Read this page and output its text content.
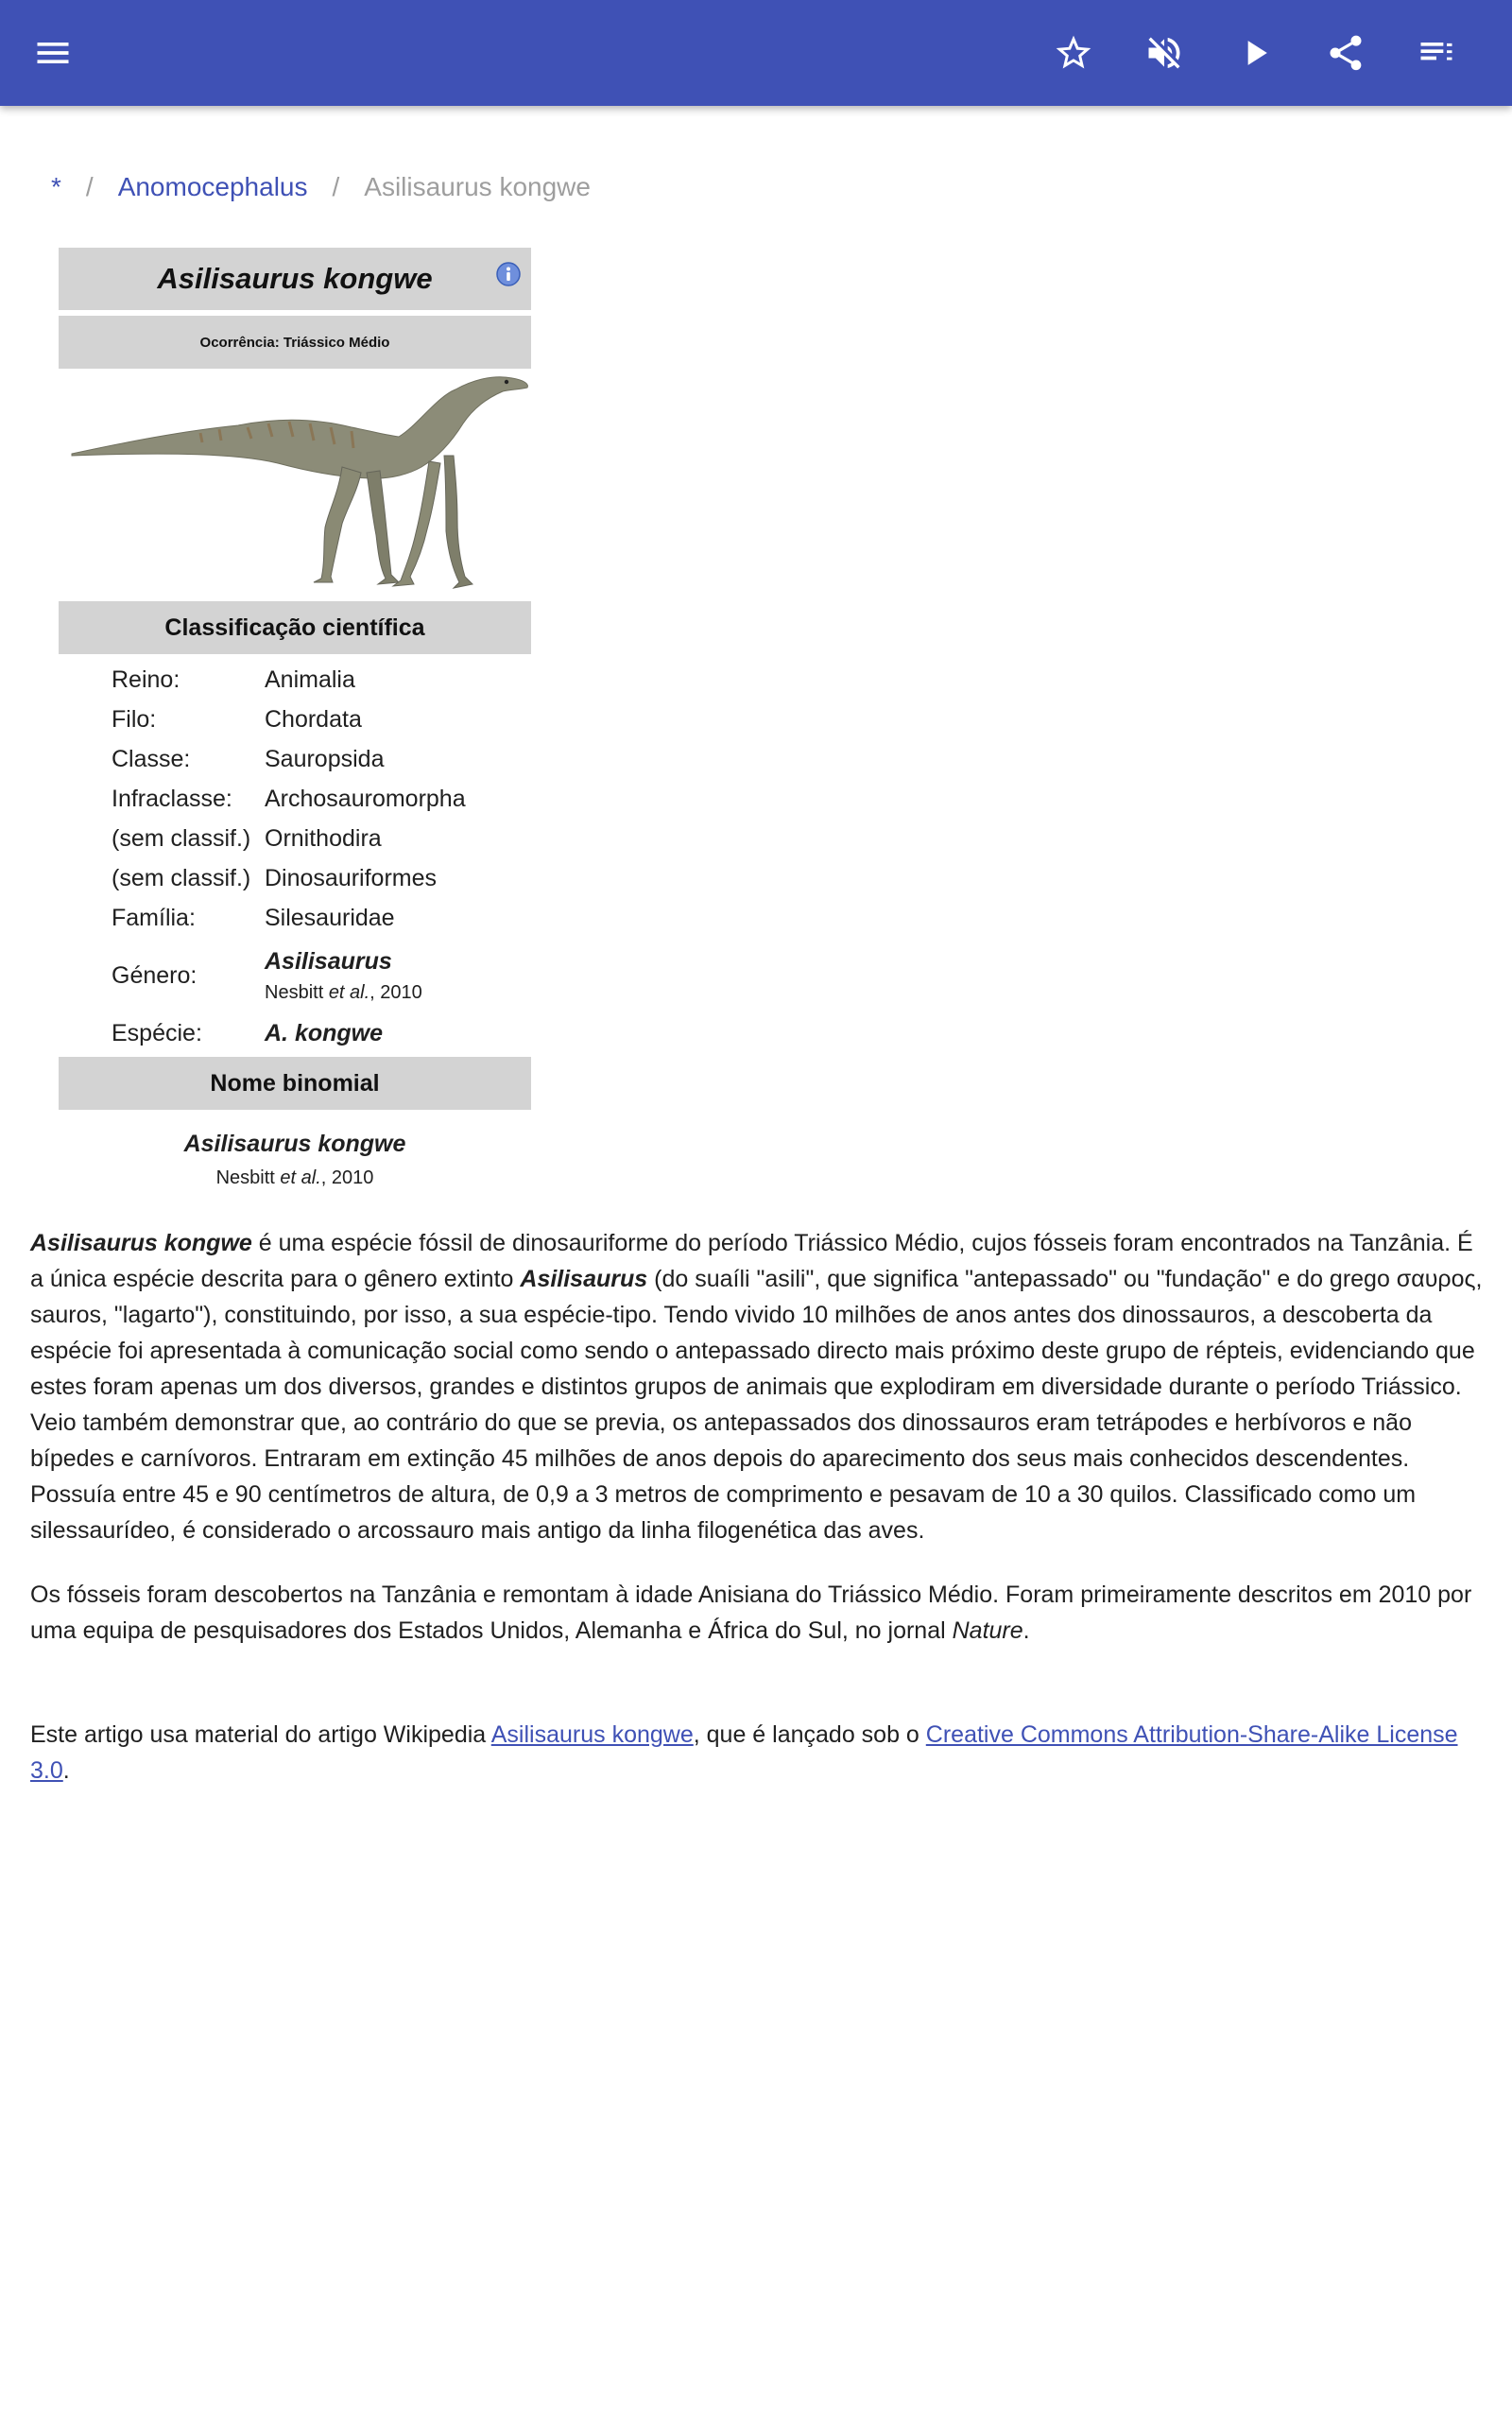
* / Anomocephalus / Asilisaurus kongwe
Asilisaurus kongwe
Ocorrência: Triássico Médio
Classificação científica
Reino:	Animalia
Filo:	Chordata
Classe:	Sauropsida
Infraclasse:	Archosauromorpha
(sem classif.) Ornithodira
(sem classif.) Dinosauriformes
Família:	Silesauridae
Género:
Asilisaurus
Nesbitt et al., 2010
Espécie:	A. kongwe
Nome binomial
Asilisaurus kongwe
Nesbitt et al., 2010

Asilisaurus kongwe é uma espécie fóssil de dinosauriforme do período Triássico Médio, cujos fósseis foram encontrados na Tanzânia. É a única espécie descrita para o gênero extinto Asilisaurus (do suaíli "asili", que significa "antepassado" ou "fundação" e do grego σαυρος, sauros, "lagarto"), constituindo, por isso, a sua espécie-tipo. Tendo vivido 10 milhões de anos antes dos dinossauros, a descoberta da espécie foi apresentada à comunicação social como sendo o antepassado directo mais próximo deste grupo de répteis, evidenciando que estes foram apenas um dos diversos, grandes e distintos grupos de animais que explodiram em diversidade durante o período Triássico. Veio também demonstrar que, ao contrário do que se previa, os antepassados dos dinossauros eram tetrápodes e herbívoros e não bípedes e carnívoros. Entraram em extinção 45 milhões de anos depois do aparecimento dos seus mais conhecidos descendentes. Possuía entre 45 e 90 centímetros de altura, de 0,9 a 3 metros de comprimento e pesavam de 10 a 30 quilos. Classificado como um silessaurídeo, é considerado o arcossauro mais antigo da linha filogenética das aves.

Os fósseis foram descobertos na Tanzânia e remontam à idade Anisiana do Triássico Médio. Foram primeiramente descritos em 2010 por uma equipa de pesquisadores dos Estados Unidos, Alemanha e África do Sul, no jornal Nature.

Este artigo usa material do artigo Wikipedia Asilisaurus kongwe, que é lançado sob o Creative Commons Attribution-Share-Alike License 3.0.
